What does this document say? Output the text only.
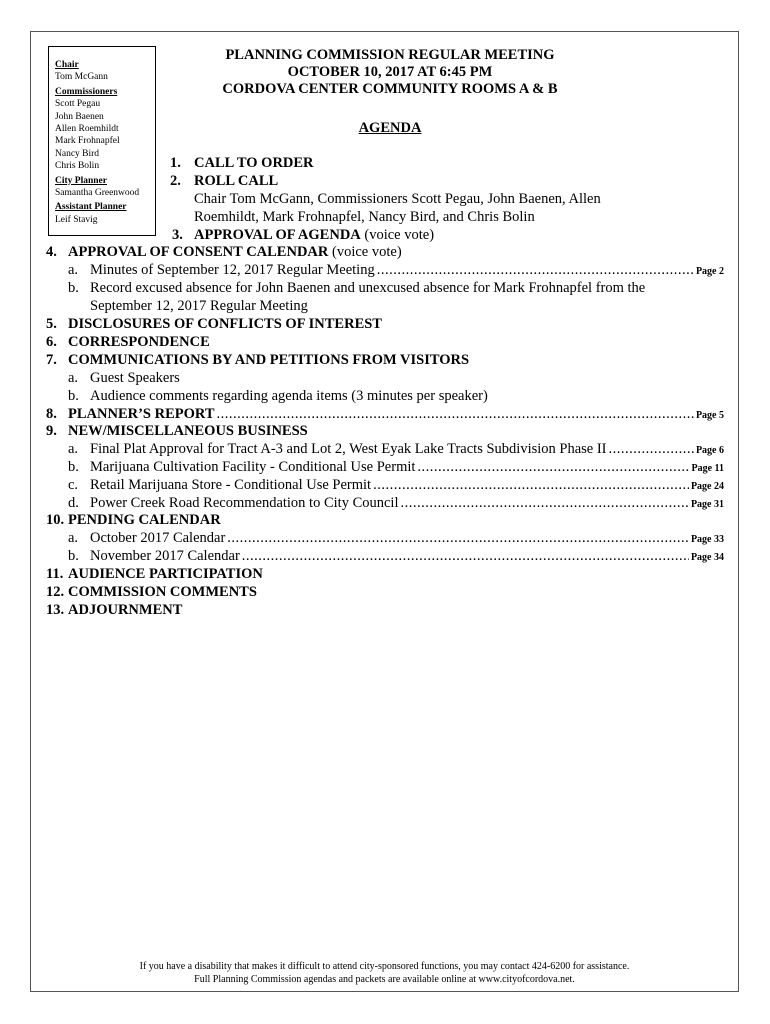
Chair
Tom McGann
Commissioners
Scott Pegau
John Baenen
Allen Roemhildt
Mark Frohnapfel
Nancy Bird
Chris Bolin
City Planner
Samantha Greenwood
Assistant Planner
Leif Stavig
PLANNING COMMISSION REGULAR MEETING
OCTOBER 10, 2017 AT 6:45 PM
CORDOVA CENTER COMMUNITY ROOMS A & B
AGENDA
1. CALL TO ORDER
2. ROLL CALL
Chair Tom McGann, Commissioners Scott Pegau, John Baenen, Allen
Roemhildt, Mark Frohnapfel, Nancy Bird, and Chris Bolin
3. APPROVAL OF AGENDA (voice vote)
4. APPROVAL OF CONSENT CALENDAR (voice vote)
a. Minutes of September 12, 2017 Regular Meeting .....	Page 2
b. Record excused absence for John Baenen and unexcused absence for Mark Frohnapfel from the
September 12, 2017 Regular Meeting
5. DISCLOSURES OF CONFLICTS OF INTEREST
6. CORRESPONDENCE
7. COMMUNICATIONS BY AND PETITIONS FROM VISITORS
a. Guest Speakers
b. Audience comments regarding agenda items (3 minutes per speaker)
8. PLANNER’S REPORT .....	Page 5
9. NEW/MISCELLANEOUS BUSINESS
a. Final Plat Approval for Tract A-3 and Lot 2, West Eyak Lake Tracts Subdivision Phase II .....	Page 6
b. Marijuana Cultivation Facility - Conditional Use Permit .....	Page 11
c. Retail Marijuana Store - Conditional Use Permit .....	Page 24
d. Power Creek Road Recommendation to City Council .....	Page 31
10. PENDING CALENDAR
a. October 2017 Calendar .....	Page 33
b. November 2017 Calendar .....	Page 34
11. AUDIENCE PARTICIPATION
12. COMMISSION COMMENTS
13. ADJOURNMENT
If you have a disability that makes it difficult to attend city-sponsored functions, you may contact 424-6200 for assistance.
Full Planning Commission agendas and packets are available online at www.cityofcordova.net.
